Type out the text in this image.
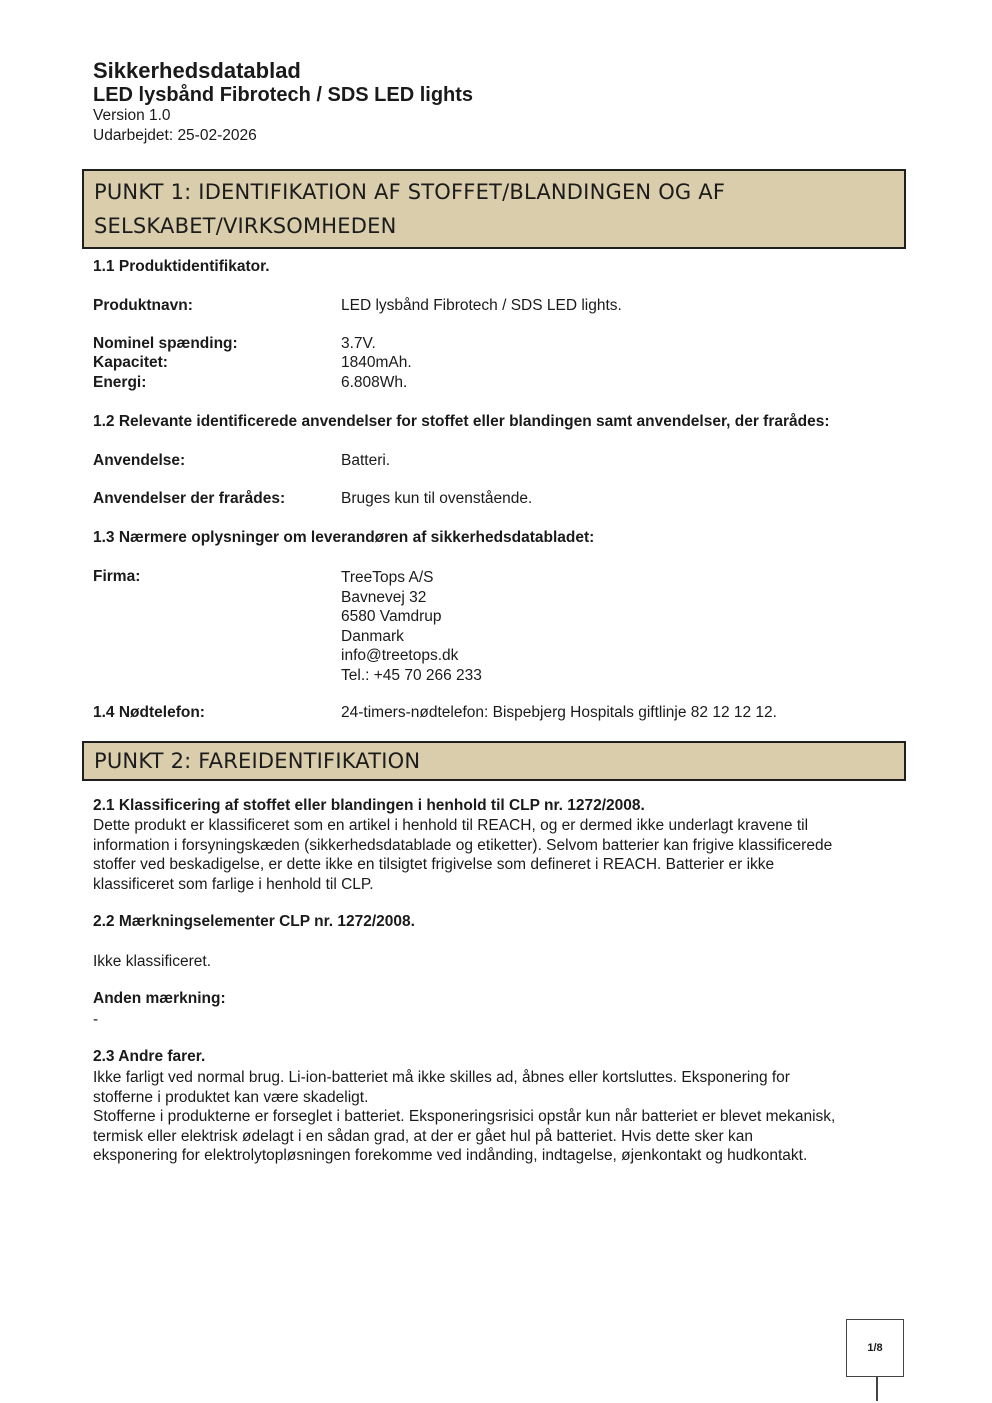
Sikkerhedsdatablad
LED lysbånd Fibrotech / SDS LED lights
Version 1.0
Udarbejdet: 25-02-2026
PUNKT 1: IDENTIFIKATION AF STOFFET/BLANDINGEN OG AF
SELSKABET/VIRKSOMHEDEN
1.1 Produktidentifikator.
Produktnavn:	LED lysbånd Fibrotech / SDS LED lights.
Nominel spænding:	3.7V.
Kapacitet:	1840mAh.
Energi:	6.808Wh.
1.2 Relevante identificerede anvendelser for stoffet eller blandingen samt anvendelser, der frarådes:
Anvendelse:	Batteri.
Anvendelser der frarådes:	Bruges kun til ovenstående.
1.3 Nærmere oplysninger om leverandøren af sikkerhedsdatabladet:
Firma:	TreeTops A/S
Bavnevej 32
6580 Vamdrup
Danmark
info@treetops.dk
Tel.: +45 70 266 233
1.4 Nødtelefon:	24-timers-nødtelefon: Bispebjerg Hospitals giftlinje 82 12 12 12.
PUNKT 2: FAREIDENTIFIKATION
2.1 Klassificering af stoffet eller blandingen i henhold til CLP nr. 1272/2008.
Dette produkt er klassificeret som en artikel i henhold til REACH, og er dermed ikke underlagt kravene til
information i forsyningskæden (sikkerhedsdatablade og etiketter). Selvom batterier kan frigive klassificerede
stoffer ved beskadigelse, er dette ikke en tilsigtet frigivelse som defineret i REACH. Batterier er ikke
klassificeret som farlige i henhold til CLP.
2.2 Mærkningselementer CLP nr. 1272/2008.
Ikke klassificeret.
Anden mærkning:
-
2.3 Andre farer.
Ikke farligt ved normal brug. Li-ion-batteriet må ikke skilles ad, åbnes eller kortsluttes. Eksponering for
stofferne i produktet kan være skadeligt.
Stofferne i produkterne er forseglet i batteriet. Eksponeringsrisici opstår kun når batteriet er blevet mekanisk,
termisk eller elektrisk ødelagt i en sådan grad, at der er gået hul på batteriet. Hvis dette sker kan
eksponering for elektrolytopløsningen forekomme ved indånding, indtagelse, øjenkontakt og hudkontakt.
1/8
